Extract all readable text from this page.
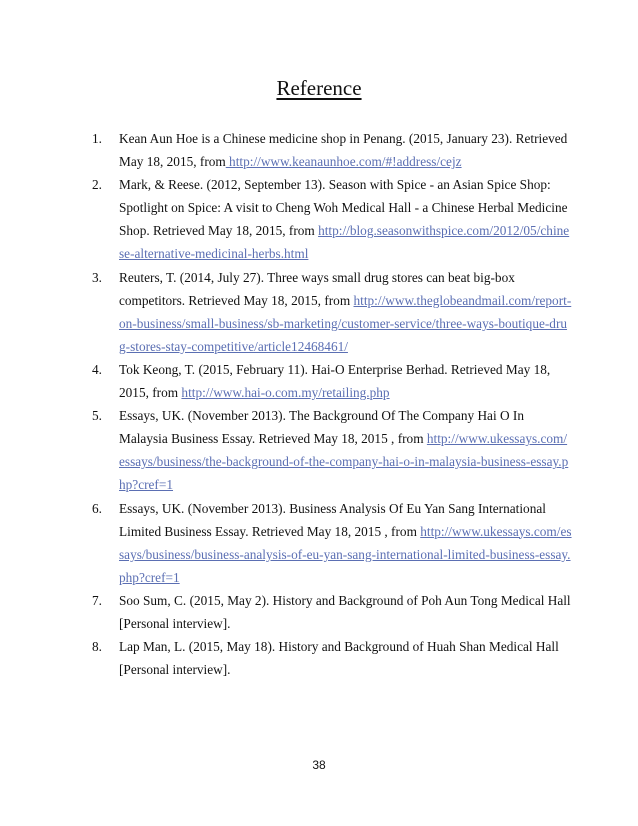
Reference
1. Kean Aun Hoe is a Chinese medicine shop in Penang. (2015, January 23). Retrieved May 18, 2015, from http://www.keanaunhoe.com/#!address/cejz
2. Mark, & Reese. (2012, September 13). Season with Spice - an Asian Spice Shop: Spotlight on Spice: A visit to Cheng Woh Medical Hall - a Chinese Herbal Medicine Shop. Retrieved May 18, 2015, from http://blog.seasonwithspice.com/2012/05/chinese-alternative-medicinal-herbs.html
3. Reuters, T. (2014, July 27). Three ways small drug stores can beat big-box competitors. Retrieved May 18, 2015, from http://www.theglobeandmail.com/report-on-business/small-business/sb-marketing/customer-service/three-ways-boutique-drug-stores-stay-competitive/article12468461/
4. Tok Keong, T. (2015, February 11). Hai-O Enterprise Berhad. Retrieved May 18, 2015, from http://www.hai-o.com.my/retailing.php
5. Essays, UK. (November 2013). The Background Of The Company Hai O In Malaysia Business Essay. Retrieved May 18, 2015 , from http://www.ukessays.com/essays/business/the-background-of-the-company-hai-o-in-malaysia-business-essay.php?cref=1
6. Essays, UK. (November 2013). Business Analysis Of Eu Yan Sang International Limited Business Essay. Retrieved May 18, 2015 , from http://www.ukessays.com/essays/business/business-analysis-of-eu-yan-sang-international-limited-business-essay.php?cref=1
7. Soo Sum, C. (2015, May 2). History and Background of Poh Aun Tong Medical Hall [Personal interview].
8. Lap Man, L. (2015, May 18). History and Background of Huah Shan Medical Hall [Personal interview].
38
